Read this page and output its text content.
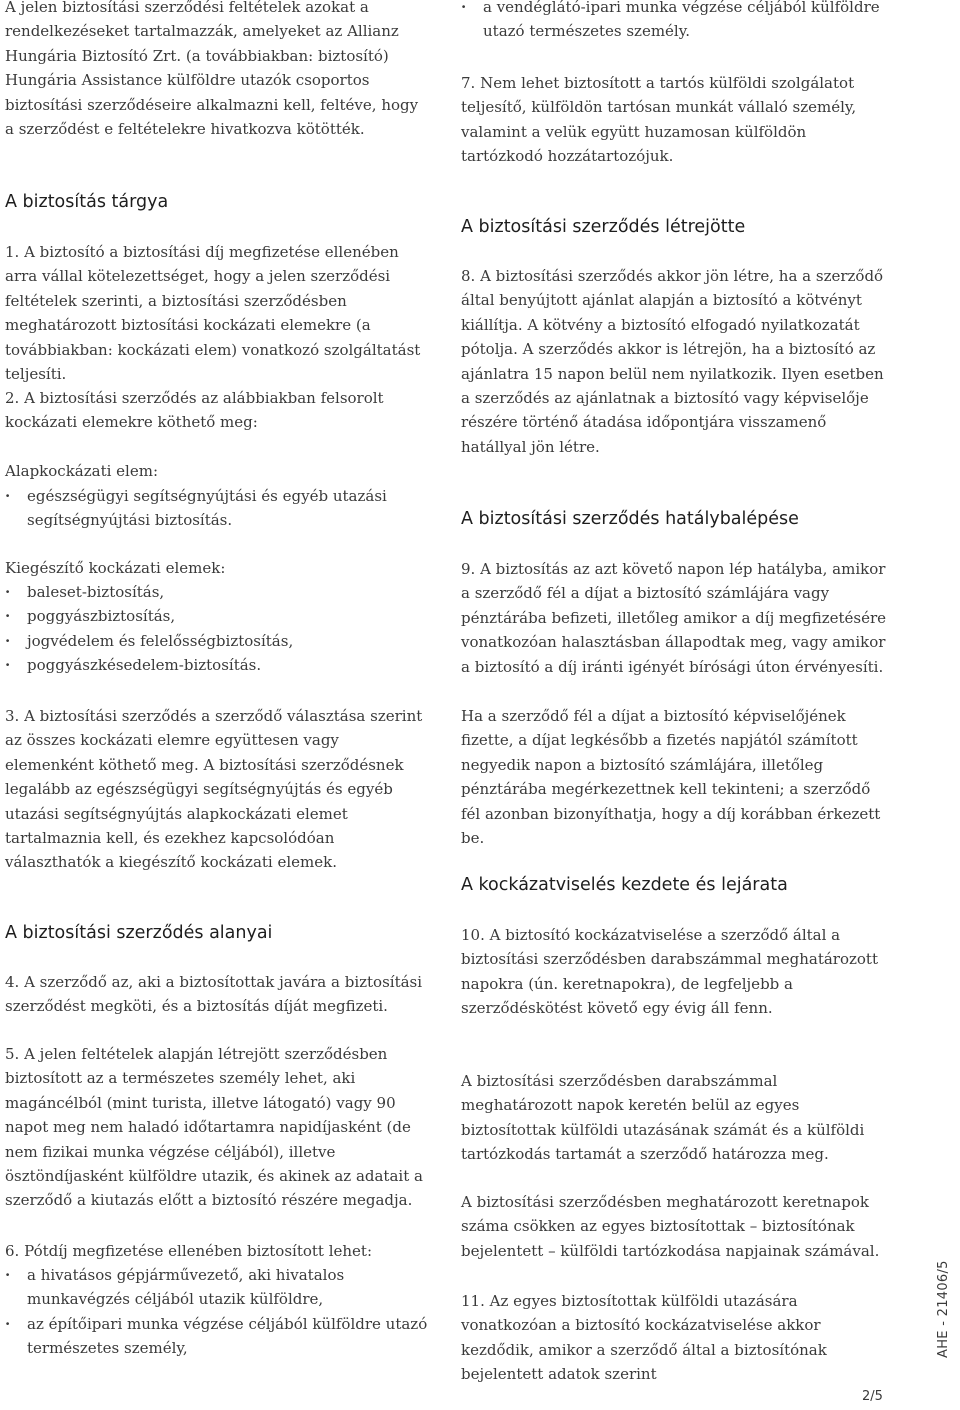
A jelen biztosítási szerződési feltételek azokat a rendelkezéseket tartalmazzák, amelyeket az Allianz Hungária Biztosító Zrt. (a továbbiakban: biztosító) Hungária Assistance külföldre utazók csoportos biztosítási szerződéseire alkalmazni kell, feltéve, hogy a szerződést e feltételekre hivatkozva kötötték.

A biztosítás tárgya

1. A biztosító a biztosítási díj megfizetése ellenében arra vállal kötelezettséget, hogy a jelen szerződési feltételek szerinti, a biztosítási szerződésben meghatározott biztosítási kockázati elemekre (a továbbiakban: kockázati elem) vonatkozó szolgáltatást teljesíti.

2. A biztosítási szerződés az alábbiakban felsorolt kockázati elemekre köthető meg:

Alapkockázati elem:

· egészségügyi segítségnyújtási és egyéb utazási segítségnyújtási biztosítás.

Kiegészítő kockázati elemek:

· baleset-biztosítás,
· poggyászbiztosítás,
· jogvédelem és felelősségbiztosítás,
· poggyászkésedelem-biztosítás.

3. A biztosítási szerződés a szerződő választása szerint az összes kockázati elemre együttesen vagy elemenként köthető meg. A biztosítási szerződésnek legalább az egészségügyi segítségnyújtás és egyéb utazási segítségnyújtás alapkockázati elemet tartalmaznia kell, és ezekhez kapcsolódóan választhatók a kiegészítő kockázati elemek.

A biztosítási szerződés alanyai

4. A szerződő az, aki a biztosítottak javára a biztosítási szerződést megköti, és a biztosítás díját megfizeti.

5. A jelen feltételek alapján létrejött szerződésben biztosított az a természetes személy lehet, aki magáncélból (mint turista, illetve látogató) vagy 90 napot meg nem haladó időtartamra napidíjasként (de nem fizikai munka végzése céljából), illetve ösztöndíjasként külföldre utazik, és akinek az adatait a szerződő a kiutazás előtt a biztosító részére megadja.

6. Pótdíj megfizetése ellenében biztosított lehet:

· a hivatásos gépjárművezető, aki hivatalos munkavégzés céljából utazik külföldre,
· az építőipari munka végzése céljából külföldre utazó természetes személy,
· a vendéglátó-ipari munka végzése céljából külföldre utazó természetes személy.

7. Nem lehet biztosított a tartós külföldi szolgálatot teljesítő, külföldön tartósan munkát vállaló személy, valamint a velük együtt huzamosan külföldön tartózkodó hozzátartozójuk.

A biztosítási szerződés létrejötte

8. A biztosítási szerződés akkor jön létre, ha a szerződő által benyújtott ajánlat alapján a biztosító a kötvényt kiállítja. A kötvény a biztosító elfogadó nyilatkozatát pótolja. A szerződés akkor is létrejön, ha a biztosító az ajánlatra 15 napon belül nem nyilatkozik. Ilyen esetben a szerződés az ajánlatnak a biztosító vagy képviselője részére történő átadása időpontjára visszamenő hatállyal jön létre.

A biztosítási szerződés hatálybalépése

9. A biztosítás az azt követő napon lép hatályba, amikor a szerződő fél a díjat a biztosító számlájára vagy pénztárába befizeti, illetőleg amikor a díj megfizetésére vonatkozóan halasztásban állapodtak meg, vagy amikor a biztosító a díj iránti igényét bírósági úton érvényesíti.

Ha a szerződő fél a díjat a biztosító képviselőjének fizette, a díjat legkésőbb a fizetés napjától számított negyedik napon a biztosító számlájára, illetőleg pénztárába megérkezettnek kell tekinteni; a szerződő fél azonban bizonyíthatja, hogy a díj korábban érkezett be.

A kockázatviselés kezdete és lejárata

10. A biztosító kockázatviselése a szerződő által a biztosítási szerződésben darabszámmal meghatározott napokra (ún. keretnapokra), de legfeljebb a szerződéskötést követő egy évig áll fenn.

A biztosítási szerződésben darabszámmal meghatározott napok keretén belül az egyes biztosítottak külföldi utazásának számát és a külföldi tartózkodás tartamát a szerződő határozza meg.

A biztosítási szerződésben meghatározott keretnapok száma csökken az egyes biztosítottak – biztosítónak bejelentett – külföldi tartózkodása napjainak számával.

11. Az egyes biztosítottak külföldi utazására vonatkozóan a biztosító kockázatviselése akkor kezdődik, amikor a szerződő által a biztosítónak bejelentett adatok szerint

AHE - 21406/5
2/5
